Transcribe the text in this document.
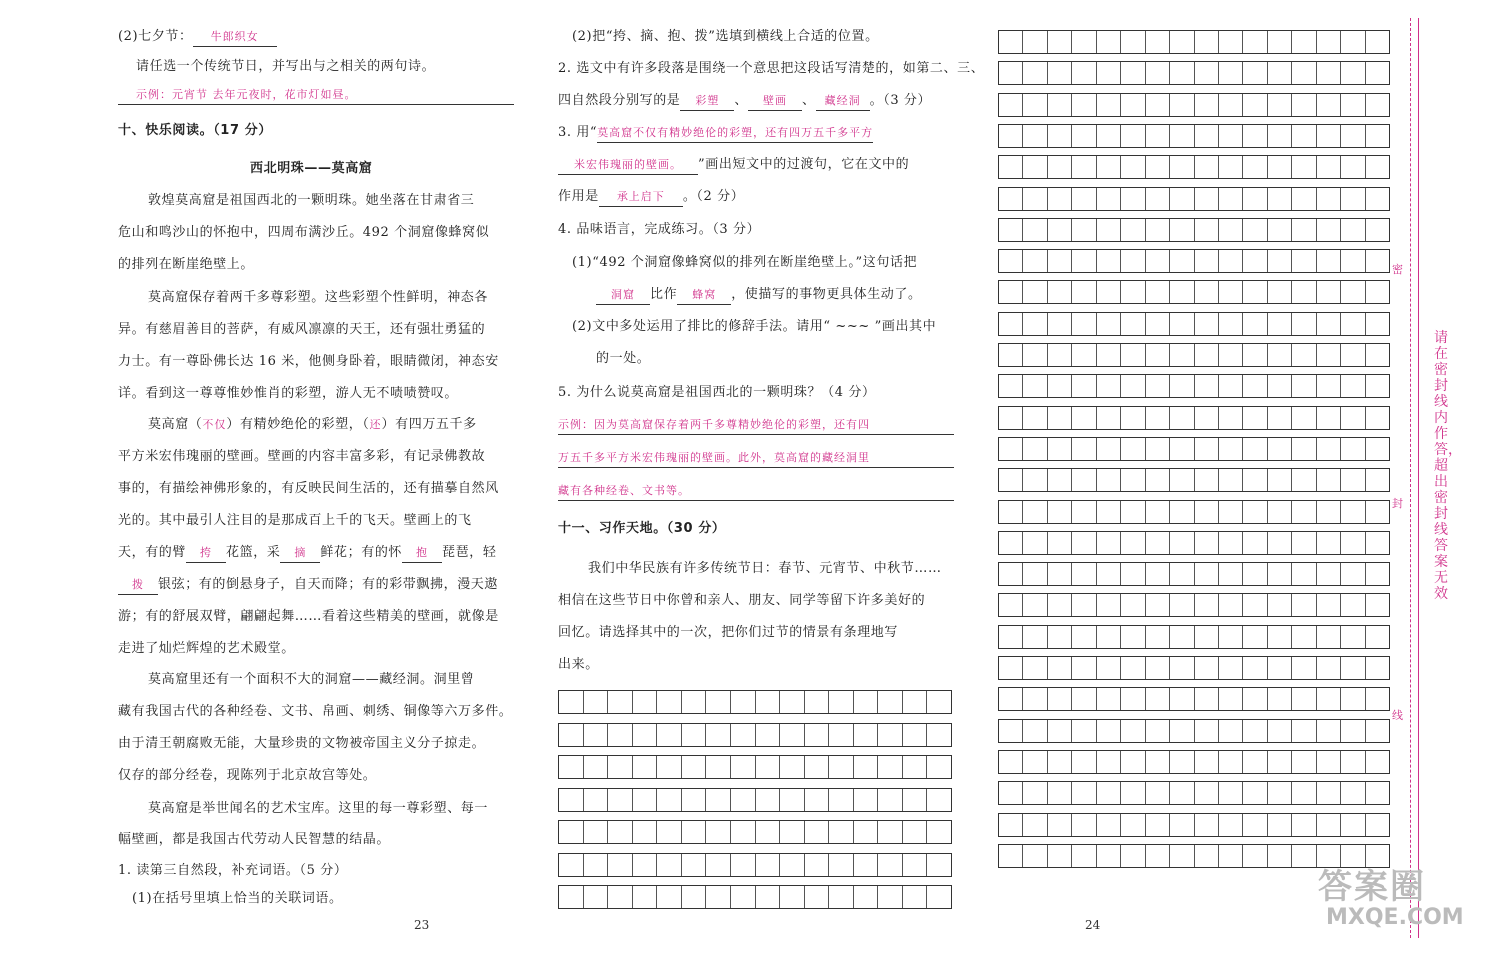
(2)七夕节： 牛郎织女
请任选一个传统节日，并写出与之相关的两句诗。
示例：元宵节 去年元夜时，花市灯如昼。
十、快乐阅读。（17 分）
西北明珠——莫高窟
敦煌莫高窟是祖国西北的一颗明珠。她坐落在甘肃省三
危山和鸣沙山的怀抱中，四周布满沙丘。492 个洞窟像蜂窝似
的排列在断崖绝壁上。
莫高窟保存着两千多尊彩塑。这些彩塑个性鲜明，神态各
异。有慈眉善目的菩萨，有威风凛凛的天王，还有强壮勇猛的
力士。有一尊卧佛长达 16 米，他侧身卧着，眼睛微闭，神态安
详。看到这一尊尊惟妙惟肖的彩塑，游人无不啧啧赞叹。
莫高窟（不仅）有精妙绝伦的彩塑，（还）有四万五千多
平方米宏伟瑰丽的壁画。壁画的内容丰富多彩，有记录佛教故
事的，有描绘神佛形象的，有反映民间生活的，还有描摹自然风
光的。其中最引人注目的是那成百上千的飞天。壁画上的飞
天，有的臂 挎 花篮，采 摘 鲜花；有的怀 抱 琵琶，轻
拨 银弦；有的倒悬身子，自天而降；有的彩带飘拂，漫天遨
游；有的舒展双臂，翩翩起舞……看着这些精美的壁画，就像是
走进了灿烂辉煌的艺术殿堂。
莫高窟里还有一个面积不大的洞窟——藏经洞。洞里曾
藏有我国古代的各种经卷、文书、帛画、刺绣、铜像等六万多件。
由于清王朝腐败无能，大量珍贵的文物被帝国主义分子掠走。
仅存的部分经卷，现陈列于北京故宫等处。
莫高窟是举世闻名的艺术宝库。这里的每一尊彩塑、每一
幅壁画，都是我国古代劳动人民智慧的结晶。
1. 读第三自然段，补充词语。（5 分）
(1)在括号里填上恰当的关联词语。
23
(2)把“挎、摘、抱、拨”选填到横线上合适的位置。
2. 选文中有许多段落是围绕一个意思把这段话写清楚的，如第二、三、
四自然段分别写的是 彩塑 、 壁画 、 藏经洞 。（3 分）
3. 用“莫高窟不仅有精妙绝伦的彩塑，还有四万五千多平方
米宏伟瑰丽的壁画。 ”画出短文中的过渡句，它在文中的
作用是 承上启下 。（2 分）
4. 品味语言，完成练习。（3 分）
(1)“492 个洞窟像蜂窝似的排列在断崖绝壁上。”这句话把
洞窟 比作 蜂窝 ，使描写的事物更具体生动了。
(2)文中多处运用了排比的修辞手法。请用“ ~~~ ”画出其中
的一处。
5. 为什么说莫高窟是祖国西北的一颗明珠？（4 分）
示例：因为莫高窟保存着两千多尊精妙绝伦的彩塑，还有四
万五千多平方米宏伟瑰丽的壁画。此外，莫高窟的藏经洞里
藏有各种经卷、文书等。
十一、习作天地。（30 分）
我们中华民族有许多传统节日：春节、元宵节、中秋节……
相信在这些节日中你曾和亲人、朋友、同学等留下许多美好的
回忆。请选择其中的一次，把你们过节的情景有条理地写
出来。
24
密
封
线
请在密封线内作答，超出密封线答案无效
答案圈
MXQE.COM
